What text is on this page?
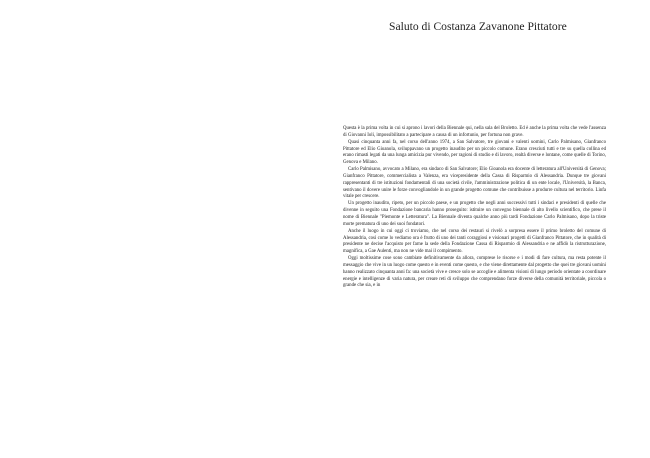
Saluto di Costanza Zavanone Pittatore

Questa è la prima volta in cui si aprono i lavori della Biennale qui, nella sala del Broletto. Ed è anche la prima volta che vede l'assenza di Giovanni Ioli, impossibilitato a partecipare a causa di un infortunio, per fortuna non grave.

Quasi cinquanta anni fa, nel corso dell'anno 1974, a San Salvatore, tre giovani e valenti uomini, Carlo Palmisano, Gianfranco Pittatore ed Elio Gioanola, sviluppavano un progetto inaudito per un piccolo comune. Erano cresciuti tutti e tre su quella collina ed erano rimasti legati da una lunga amicizia pur vivendo, per ragioni di studio e di lavoro, realtà diverse e lontane, come quelle di Torino, Genova e Milano.

Carlo Palmisano, avvocato a Milano, era sindaco di San Salvatore; Elio Gioanola era docente di letteratura all'Università di Genova; Gianfranco Pittatore, commercialista a Valenza, era vicepresidente della Cassa di Risparmio di Alessandria. Dunque tre giovani rappresentanti di tre istituzioni fondamentali di una società civile, l'amministrazione politica di un ente locale, l'Università, la Banca, sentivano il dovere unire le forze convogliandole in un grande progetto comune che contribuisse a produrre cultura nel territorio. Linfa vitale per crescere.

Un progetto inaudito, ripeto, per un piccolo paese, e un progetto che negli anni successivi tutti i sindaci e presidenti di quelle che divenne in seguito una Fondazione bancaria hanno proseguito: istituire un convegno biennale di alto livello scientifico, che prese il nome di Biennale "Piemonte e Letteratura". La Biennale diventa qualche anno più tardi Fondazione Carlo Palmisano, dopo la triste morte prematura di uno dei suoi fondatori.

Anche il luogo in cui oggi ci troviamo, che nel corso dei restauri si rivelò a sorpresa essere il primo broletto del comune di Alessandria, così come lo vediamo ora è frutto di uno dei tanti coraggiosi e visionari progetti di Gianfranco Pittatore, che in qualità di presidente ne decise l'acquisto per farne la sede della Fondazione Cassa di Risparmio di Alessandria e ne affidò la ristrutturazione, magnifica, a Gae Aulenti, ma non ne vide mai il compimento.

Oggi moltissime cose sono cambiate definitivamente da allora, comprese le risorse e i modi di fare cultura, ma resta potente il messaggio che vive in un luogo come questo e in eventi come questo, e che viene direttamente dal progetto che quei tre giovani uomini hanno realizzato cinquanta anni fa: una società vive e cresce solo se accoglie e alimenta visioni di lungo periodo orientate a coordinare energie e intelligenze di varia natura, per creare reti di sviluppo che comprendano forze diverse della comunità territoriale, piccola o grande che sia, e in
